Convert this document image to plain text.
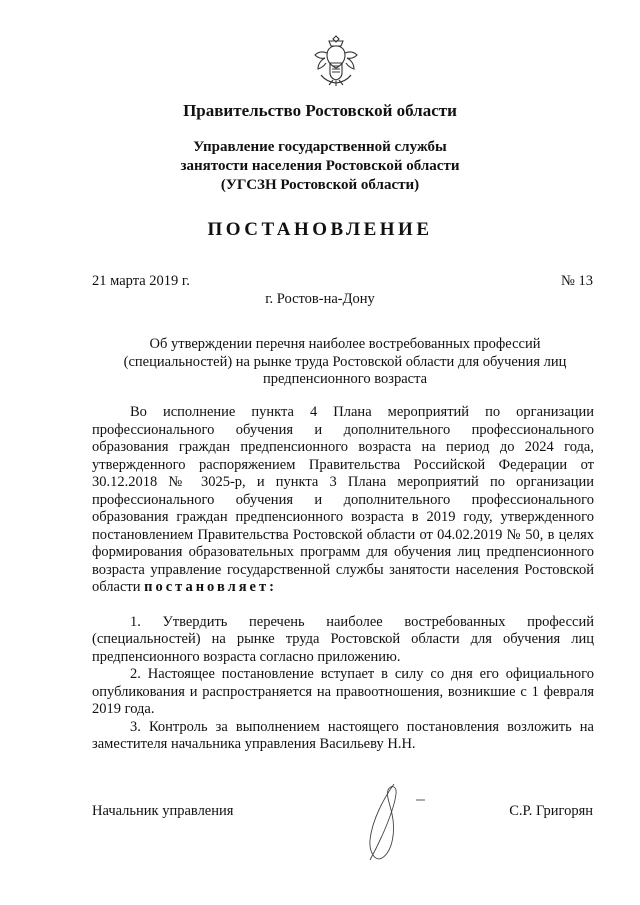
Правительство Ростовской области
Управление государственной службы
занятости населения Ростовской области
(УГСЗН Ростовской области)
ПОСТАНОВЛЕНИЕ
21 марта 2019 г.	№ 13
г. Ростов-на-Дону
Об утверждении перечня наиболее востребованных профессий
(специальностей) на рынке труда Ростовской области для обучения лиц
предпенсионного возраста

Во исполнение пункта 4 Плана мероприятий по организации профессионального обучения и дополнительного профессионального образования граждан предпенсионного возраста на период до 2024 года, утвержденного распоряжением Правительства Российской Федерации от 30.12.2018 № 3025-р, и пункта 3 Плана мероприятий по организации профессионального обучения и дополнительного профессионального образования граждан предпенсионного возраста в 2019 году, утвержденного постановлением Правительства Ростовской области от 04.02.2019 № 50, в целях формирования образовательных программ для обучения лиц предпенсионного возраста управление государственной службы занятости населения Ростовской области постановляет:

1. Утвердить перечень наиболее востребованных профессий (специальностей) на рынке труда Ростовской области для обучения лиц предпенсионного возраста согласно приложению.

2. Настоящее постановление вступает в силу со дня его официального опубликования и распространяется на правоотношения, возникшие с 1 февраля 2019 года.

3. Контроль за выполнением настоящего постановления возложить на заместителя начальника управления Васильеву Н.Н.

Начальник управления	С.Р. Григорян
